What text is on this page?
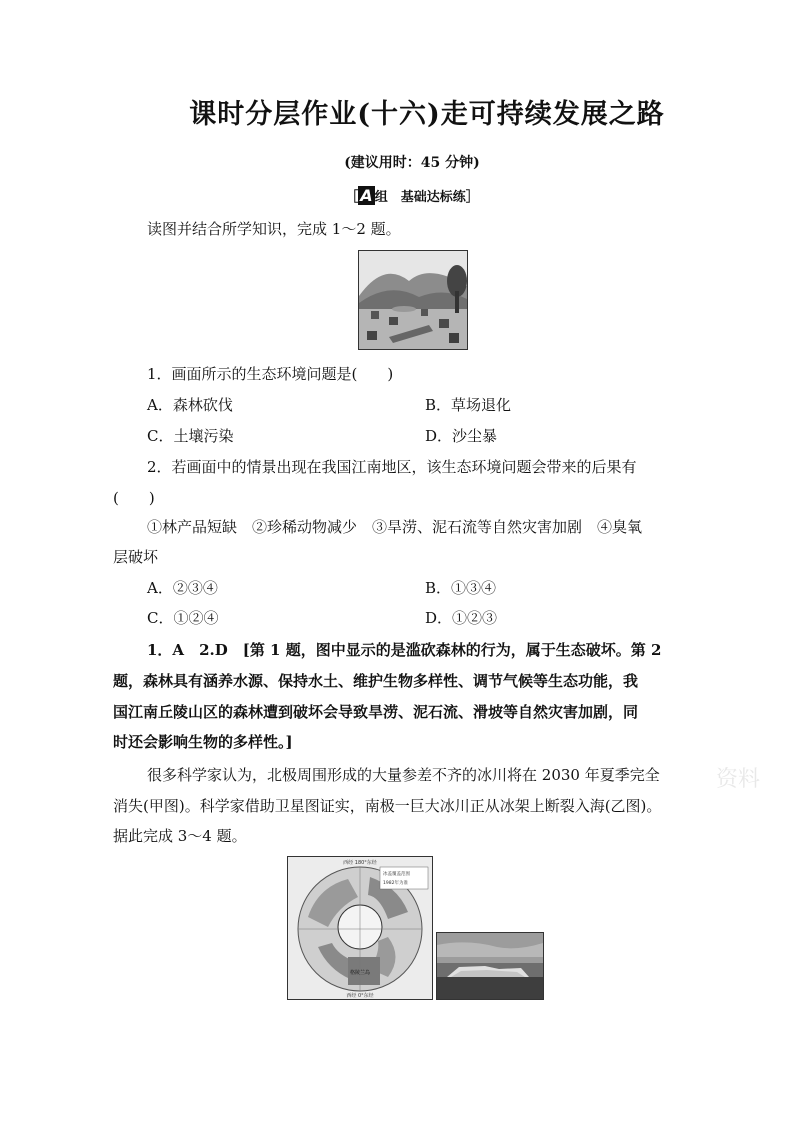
课时分层作业(十六)走可持续发展之路
(建议用时：45 分钟)
［ A 组　基础达标练］
读图并结合所学知识，完成 1～2 题。
1．画面所示的生态环境问题是(　　)
A．森林砍伐	B．草场退化
C．土壤污染	D．沙尘暴
2．若画面中的情景出现在我国江南地区，该生态环境问题会带来的后果有
(　　)
①林产品短缺　②珍稀动物减少　③旱涝、泥石流等自然灾害加剧　④臭氧
层破坏
A．②③④	B．①③④
C．①②④	D．①②③
1．A　2.D　[第 1 题，图中显示的是滥砍森林的行为，属于生态破坏。第 2
题，森林具有涵养水源、保持水土、维护生物多样性、调节气候等生态功能，我
国江南丘陵山区的森林遭到破坏会导致旱涝、泥石流、滑坡等自然灾害加剧，同
时还会影响生物的多样性。]
很多科学家认为，北极周围形成的大量参差不齐的冰川将在 2030 年夏季完全
消失(甲图)。科学家借助卫星图证实，南极一巨大冰川正从冰架上断裂入海(乙图)。
据此完成 3～4 题。
资料
西经 180°东经
冰盖覆盖范围
1982年为准
格陵兰岛
西经 0°东经
